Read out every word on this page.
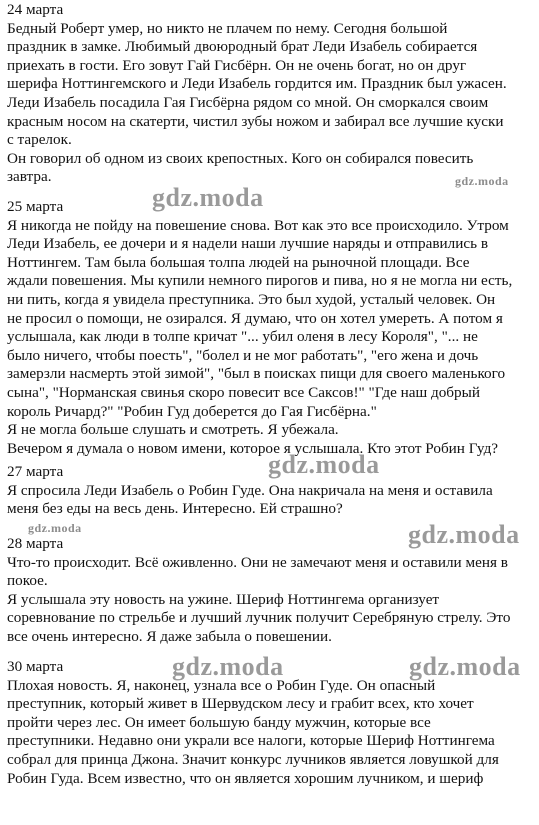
24 марта
Бедный Роберт умер, но никто не плачем по нему. Сегодня большой
праздник в замке. Любимый двоюродный брат Леди Изабель собирается
приехать в гости. Его зовут Гай Гисбёрн. Он не очень богат, но он друг
шерифа Ноттингемского и Леди Изабель гордится им. Праздник был ужасен.
Леди Изабель посадила Гая Гисбёрна рядом со мной. Он сморкался своим
красным носом на скатерти, чистил зубы ножом и забирал все лучшие куски
с тарелок.
Он говорил об одном из своих крепостных. Кого он собирался повесить
завтра.
25 марта
Я никогда не пойду на повешение снова. Вот как это все происходило. Утром
Леди Изабель, ее дочери и я надели наши лучшие наряды и отправились в
Ноттингем. Там была большая толпа людей на рыночной площади. Все
ждали повешения. Мы купили немного пирогов и пива, но я не могла ни есть,
ни пить, когда я увидела преступника. Это был худой, усталый человек. Он
не просил о помощи, не озирался. Я думаю, что он хотел умереть. А потом я
услышала, как люди в толпе кричат "... убил оленя в лесу Короля", "... не
было ничего, чтобы поесть", "болел и не мог работать", "его жена и дочь
замерзли насмерть этой зимой", "был в поисках пищи для своего маленького
сына", "Норманская свинья скоро повесит все Саксов!" "Где наш добрый
король Ричард?" "Робин Гуд доберется до Гая Гисбёрна."
Я не могла больше слушать и смотреть. Я убежала.
Вечером я думала о новом имени, которое я услышала. Кто этот Робин Гуд?
27 марта
Я спросила Леди Изабель о Робин Гуде. Она накричала на меня и оставила
меня без еды на весь день. Интересно. Ей страшно?
28 марта
Что-то происходит. Всё оживленно. Они не замечают меня и оставили меня в
покое.
Я услышала эту новость на ужине. Шериф Ноттингема организует
соревнование по стрельбе и лучший лучник получит Серебряную стрелу. Это
все очень интересно. Я даже забыла о повешении.
30 марта
Плохая новость. Я, наконец, узнала все о Робин Гуде. Он опасный
преступник, который живет в Шервудском лесу и грабит всех, кто хочет
пройти через лес. Он имеет большую банду мужчин, которые все
преступники. Недавно они украли все налоги, которые Шериф Ноттингема
собрал для принца Джона. Значит конкурс лучников является ловушкой для
Робин Гуда. Всем известно, что он является хорошим лучником, и шериф
gdz.moda
gdz.moda
gdz.moda
gdz.moda	gdz.moda
gdz.moda	gdz.moda
